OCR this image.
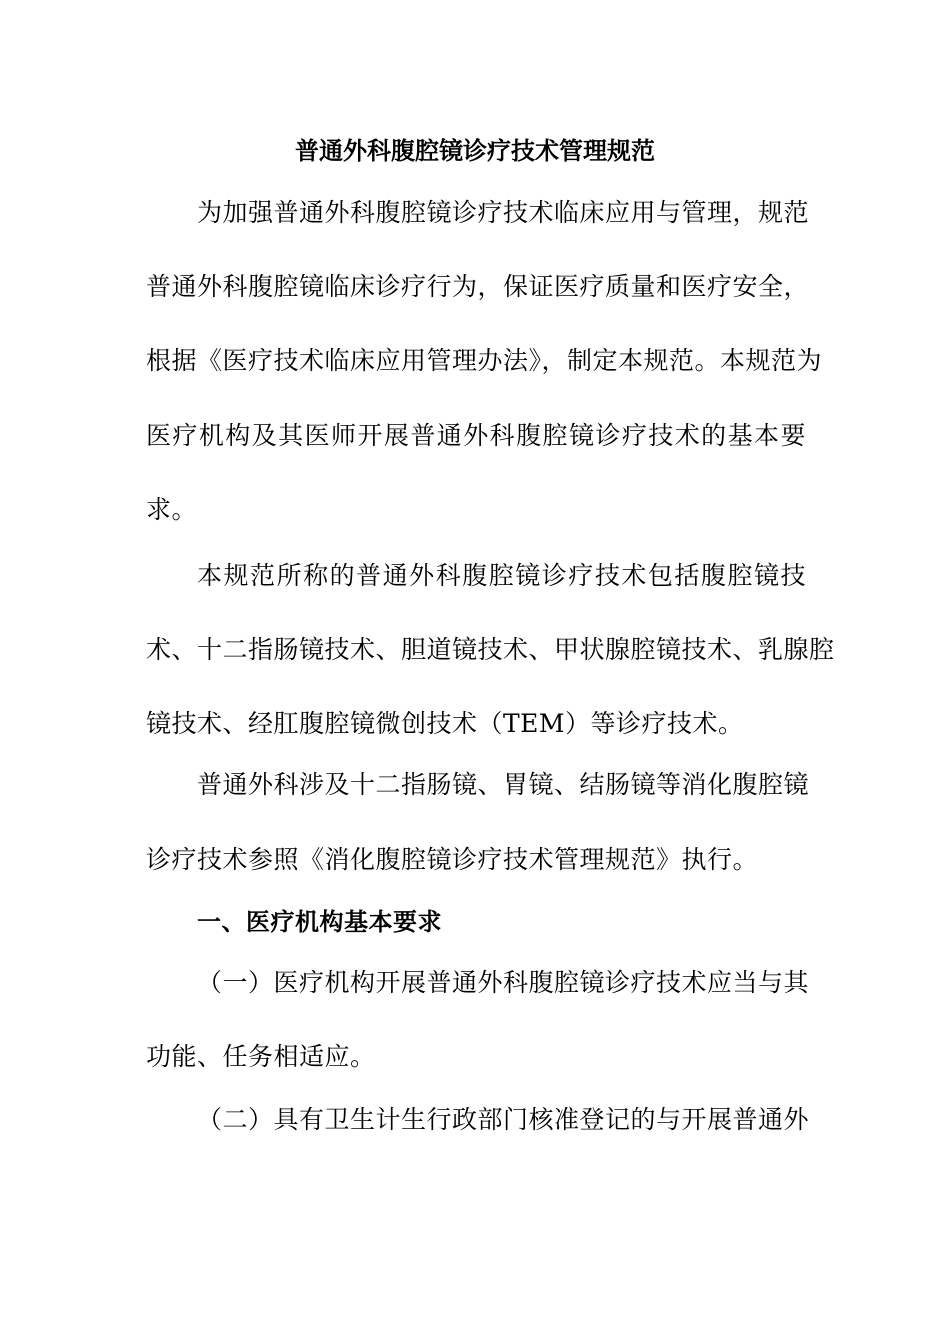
普通外科腹腔镜诊疗技术管理规范
为加强普通外科腹腔镜诊疗技术临床应用与管理，规范
普通外科腹腔镜临床诊疗行为，保证医疗质量和医疗安全，
根据《医疗技术临床应用管理办法》，制定本规范。本规范为
医疗机构及其医师开展普通外科腹腔镜诊疗技术的基本要
求。
本规范所称的普通外科腹腔镜诊疗技术包括腹腔镜技
术、十二指肠镜技术、胆道镜技术、甲状腺腔镜技术、乳腺腔
镜技术、经肛腹腔镜微创技术（TEM）等诊疗技术。
普通外科涉及十二指肠镜、胃镜、结肠镜等消化腹腔镜
诊疗技术参照《消化腹腔镜诊疗技术管理规范》执行。
一、医疗机构基本要求
（一）医疗机构开展普通外科腹腔镜诊疗技术应当与其
功能、任务相适应。
（二）具有卫生计生行政部门核准登记的与开展普通外
